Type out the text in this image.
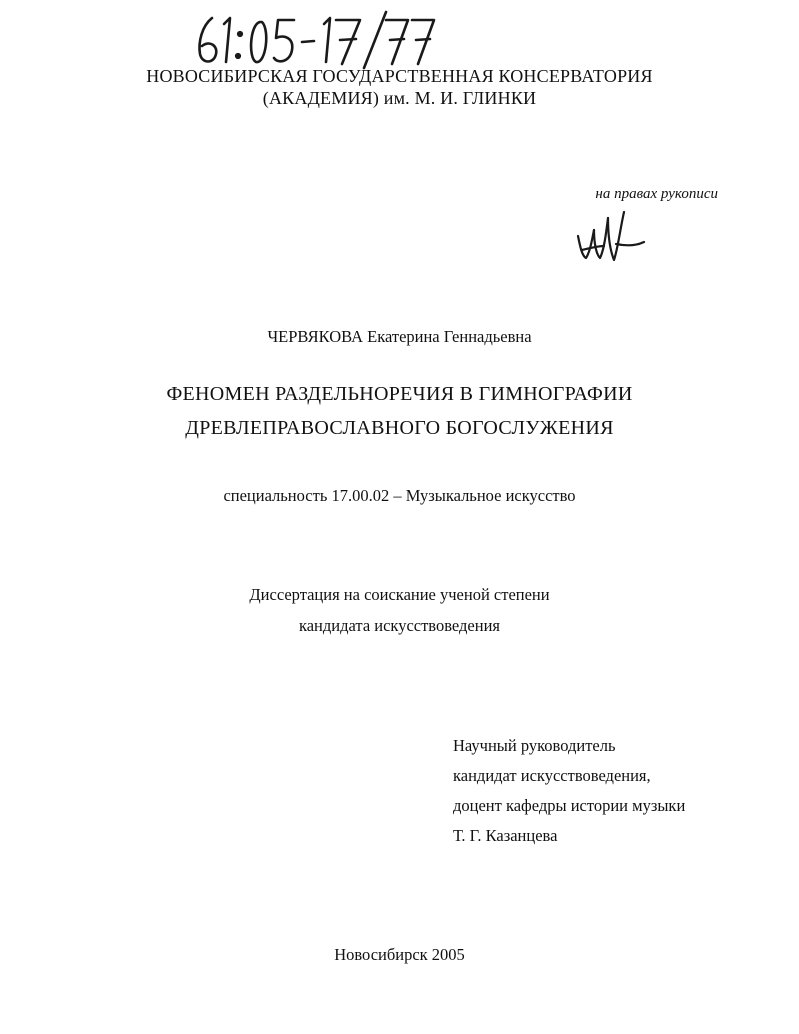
НОВОСИБИРСКАЯ ГОСУДАРСТВЕННАЯ КОНСЕРВАТОРИЯ
(АКАДЕМИЯ) им. М. И. ГЛИНКИ
на правах рукописи
ЧЕРВЯКОВА Екатерина Геннадьевна
ФЕНОМЕН РАЗДЕЛЬНОРЕЧИЯ В ГИМНОГРАФИИ
ДРЕВЛЕПРАВОСЛАВНОГО БОГОСЛУЖЕНИЯ
специальность 17.00.02 – Музыкальное искусство
Диссертация на соискание ученой степени
кандидата искусствоведения
Научный руководитель
кандидат искусствоведения,
доцент кафедры истории музыки
Т. Г. Казанцева
Новосибирск 2005
